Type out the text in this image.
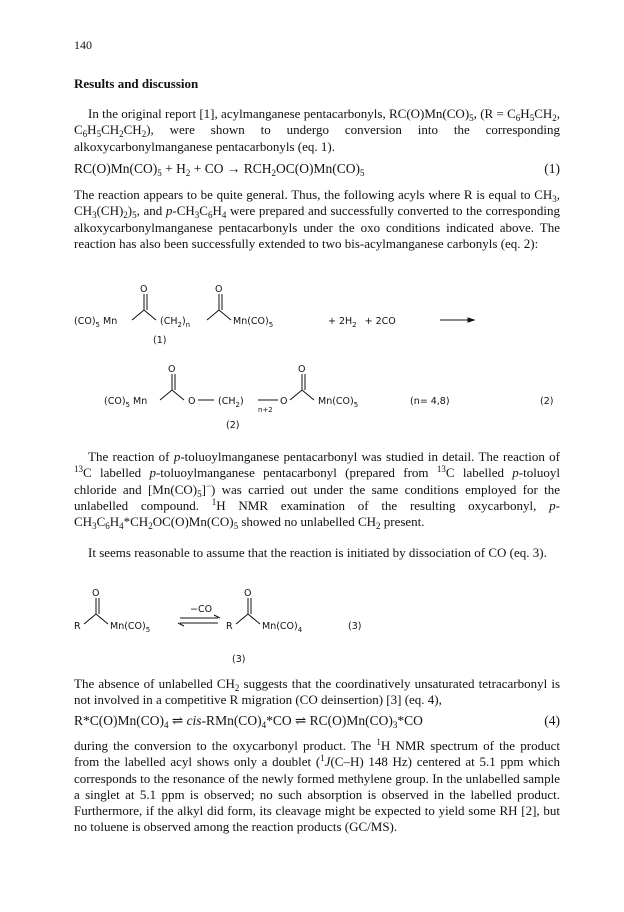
140
Results and discussion
In the original report [1], acylmanganese pentacarbonyls, $RC(O)Mn(CO)_5$, ($R = C_6H_5CH_2$, $C_6H_5CH_2CH_2$), were shown to undergo conversion into the corresponding alkoxycarbonylmanganese pentacarbonyls (eq. 1).
$RC(O)Mn(CO)_5 + H_2$ + CO → $RCH_2OC(O)Mn(CO)_5$	(1)
The reaction appears to be quite general. Thus, the following acyls where R is equal to $CH_3$, $CH_3(CH)_2)_5$, and $p-CH_3C_6H_4$ were prepared and successfully converted to the corresponding alkoxycarbonylmanganese pentacarbonyls under the oxo conditions indicated above. The reaction has also been successfully extended to two bis-acylmanganese carbonyls (eq. 2):
$(CO)_5$ Mn
O
$(CH_2)_n$
O
$Mn(CO)_5$	+ $2H_2 + 2CO$
(1)
$(CO)_5$ Mn
O
O $(CH_2)$
n+2
O
O
$Mn(CO)_5$	(n= 4,8)	(2)
(2)
R
O
$Mn(CO)_5$
−CO
R
O
$Mn(CO)_4$	(3)
(3)
The reaction of p-toluoylmanganese pentacarbonyl was studied in detail. The reaction of $^{13}$C labelled p-toluoylmanganese pentacarbonyl (prepared from $^{13}$C labelled p-toluoyl chloride and $[Mn(CO)_5]^-$) was carried out under the same conditions employed for the unlabelled compound. $^1$H NMR examination of the resulting oxycarbonyl, $p-CH_3C_6H_4*CH_2OC(O)Mn(CO)_5$ showed no unlabelled $CH_2$ present.
It seems reasonable to assume that the reaction is initiated by dissociation of CO (eq. 3).
The absence of unlabelled $CH_2$ suggests that the coordinatively unsaturated tetracarbonyl is not involved in a competitive R migration (CO deinsertion) [3] (eq. 4),
$R*C(O)Mn(CO)_4$ ⇌ cis-$RMn(CO)_4*CO$ ⇌ $RC(O)Mn(CO)_3*CO$	(4)
during the conversion to the oxycarbonyl product. The $^1$H NMR spectrum of the product from the labelled acyl shows only a doublet ($^1$J(C–H) 148 Hz) centered at 5.1 ppm which corresponds to the resonance of the newly formed methylene group. In the unlabelled sample a singlet at 5.1 ppm is observed; no such absorption is observed in the labelled product. Furthermore, if the alkyl did form, its cleavage might be expected to yield some RH [2], but no toluene is observed among the reaction products (GC/MS).
